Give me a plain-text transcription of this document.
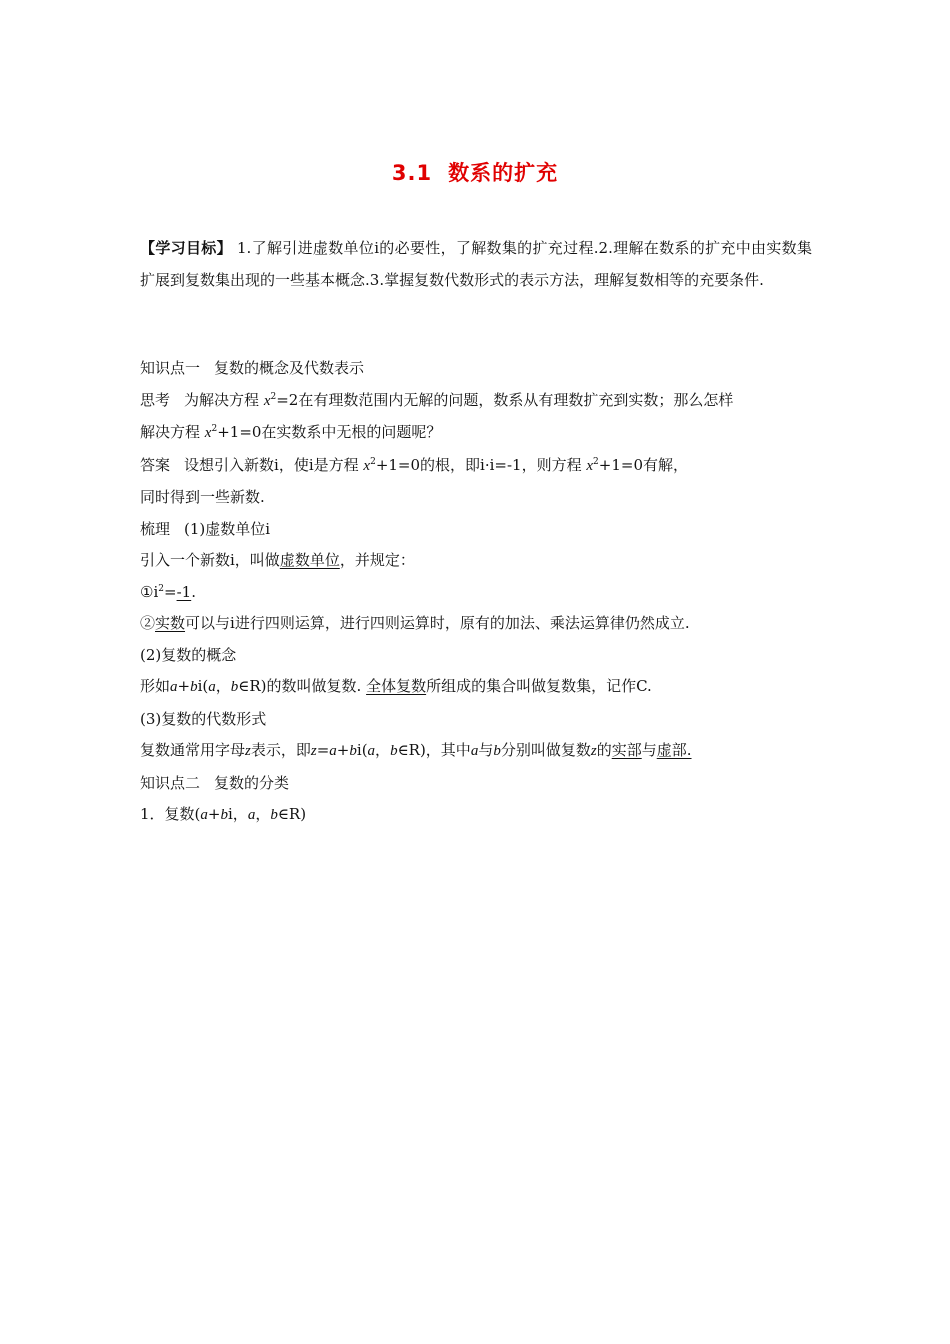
3.1 数系的扩充
【学习目标】 1.了解引进虚数单位i的必要性，了解数集的扩充过程.2.理解在数系的扩充中由实数集扩展到复数集出现的一些基本概念.3.掌握复数代数形式的表示方法，理解复数相等的充要条件.
知识点一 复数的概念及代数表示
思考 为解决方程 $x^2=2$在有理数范围内无解的问题，数系从有理数扩充到实数；那么怎样
解决方程 $x^2+1=0$在实数系中无根的问题呢？
答案 设想引入新数i，使i是方程 $x^2+1=0$的根，即i·i=-1，则方程 $x^2+1=0$有解，
同时得到一些新数.
梳理 (1)虚数单位i
引入一个新数i，叫做虚数单位，并规定：
$①i^2=-1$.
②实数可以与i进行四则运算，进行四则运算时，原有的加法、乘法运算律仍然成立.
(2)复数的概念
形如a+bi(a，b∈R)的数叫做复数. 全体复数所组成的集合叫做复数集，记作C.
(3)复数的代数形式
复数通常用字母z表示，即z=a+bi(a，b∈R)，其中a与b分别叫做复数z的实部与虚部.
知识点二 复数的分类
1．复数(a+bi，a，b∈R)
